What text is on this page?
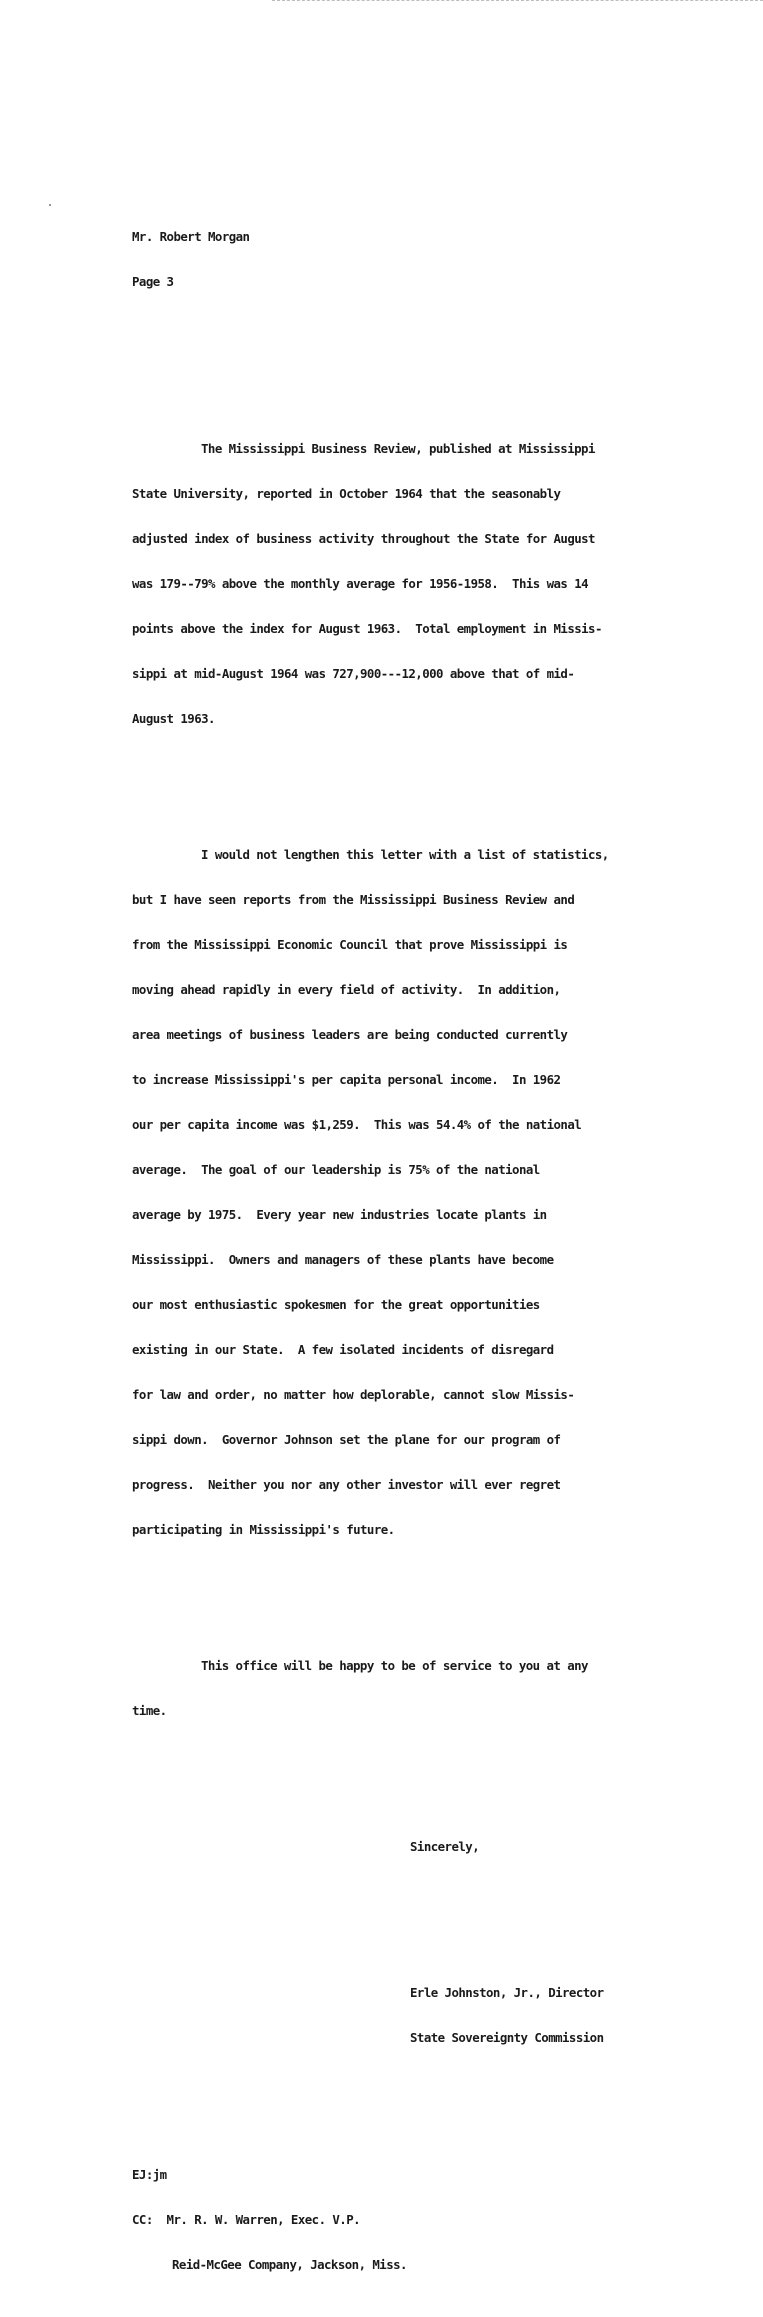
Mr. Robert Morgan

Page 3

The Mississippi Business Review, published at Mississippi

State University, reported in October 1964 that the seasonably

adjusted index of business activity throughout the State for August

was 179--79% above the monthly average for 1956-1958.  This was 14

points above the index for August 1963.  Total employment in Missis-

sippi at mid-August 1964 was 727,900---12,000 above that of mid-

August 1963.

I would not lengthen this letter with a list of statistics,

but I have seen reports from the Mississippi Business Review and

from the Mississippi Economic Council that prove Mississippi is

moving ahead rapidly in every field of activity.  In addition,

area meetings of business leaders are being conducted currently

to increase Mississippi's per capita personal income.  In 1962

our per capita income was $1,259.  This was 54.4% of the national

average.  The goal of our leadership is 75% of the national

average by 1975.  Every year new industries locate plants in

Mississippi.  Owners and managers of these plants have become

our most enthusiastic spokesmen for the great opportunities

existing in our State.  A few isolated incidents of disregard

for law and order, no matter how deplorable, cannot slow Missis-

sippi down.  Governor Johnson set the plane for our program of

progress.  Neither you nor any other investor will ever regret

participating in Mississippi's future.

This office will be happy to be of service to you at any

time.

Sincerely,

Erle Johnston, Jr., Director

State Sovereignty Commission

EJ:jm

CC:  Mr. R. W. Warren, Exec. V.P.

Reid-McGee Company, Jackson, Miss.
